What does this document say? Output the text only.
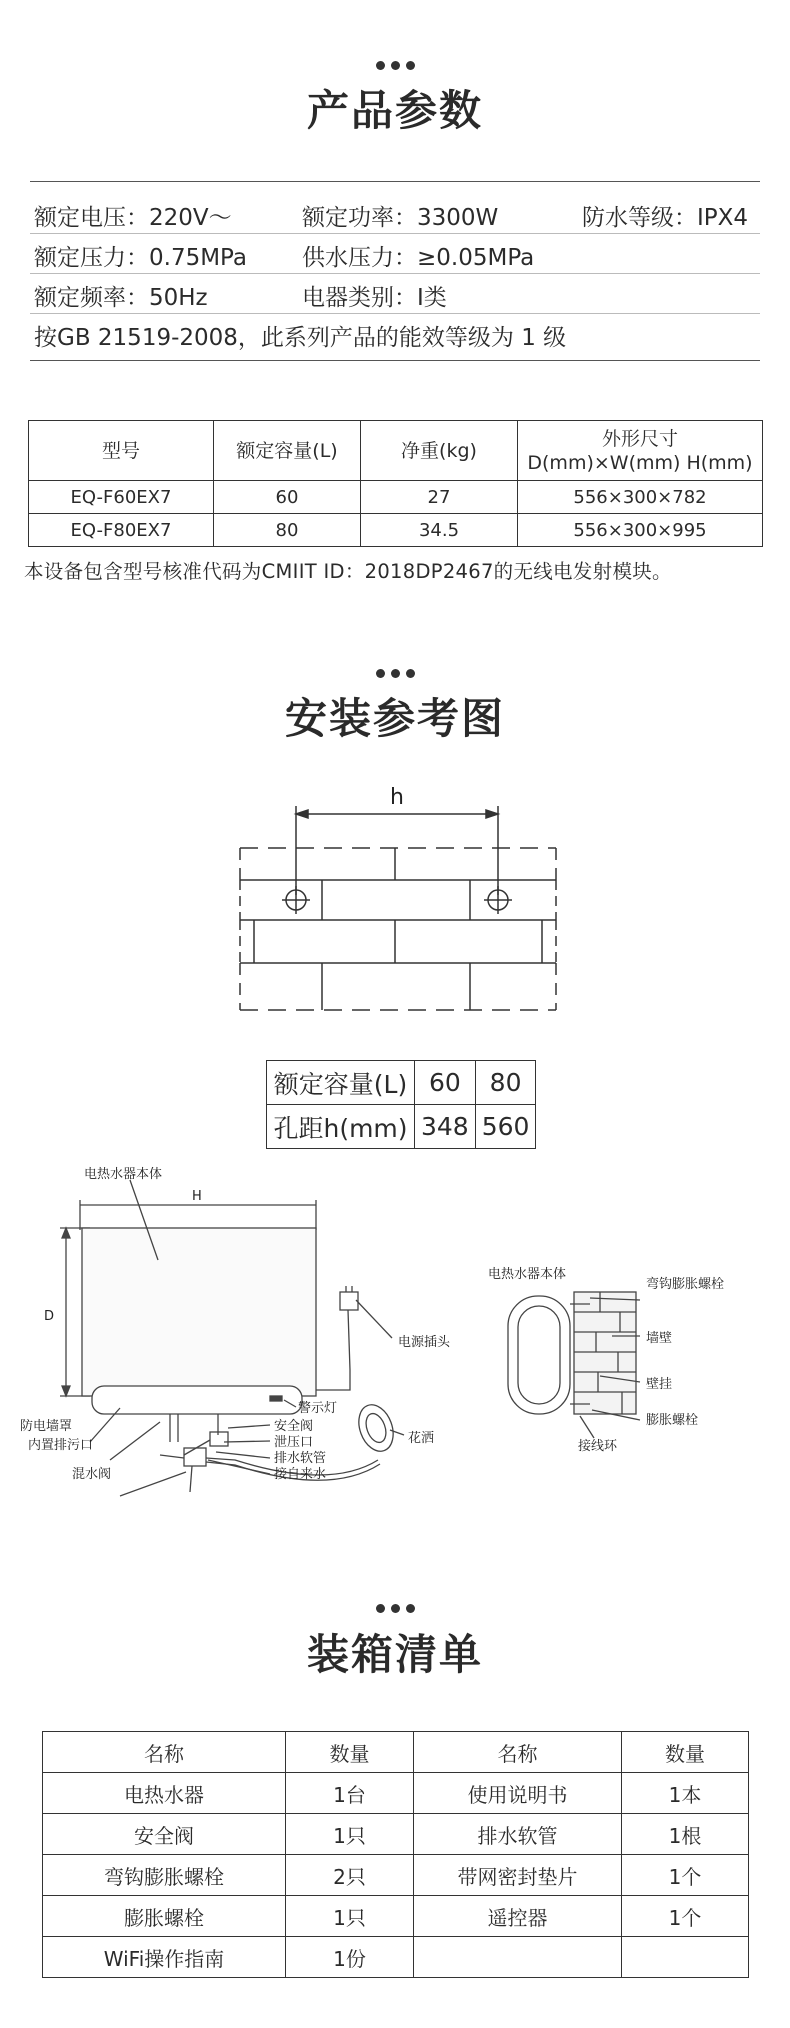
产品参数
额定电压：220V～	额定功率：3300W	防水等级：IPX4
额定压力：0.75MPa 供水压力：≥0.05MPa
额定频率：50Hz	电器类别：I类
按GB 21519-2008，此系列产品的能效等级为 1 级
型号	额定容量(L)	净重(kg)	外形尺寸
D(mm)×W(mm) H(mm)

EQ-F60EX7	60	27	556×300×782
EQ-F80EX7	80	34.5	556×300×995
本设备包含型号核准代码为CMIIT ID：2018DP2467的无线电发射模块。
安装参考图
h
额定容量(L)	60	80
孔距h(mm)	348	560
电热水器本体
H
D
电源插头
警示灯
安全阀
泄压口
排水软管
接自来水
花洒
防电墙罩
内置排污口
混水阀
电热水器本体
弯钩膨胀螺栓
墙壁
壁挂
膨胀螺栓
接线环
装箱清单
名称	数量	名称	数量
电热水器	1台	使用说明书	1本
安全阀	1只	排水软管	1根
弯钩膨胀螺栓	2只	带网密封垫片	1个
膨胀螺栓	1只	遥控器	1个
WiFi操作指南	1份		
